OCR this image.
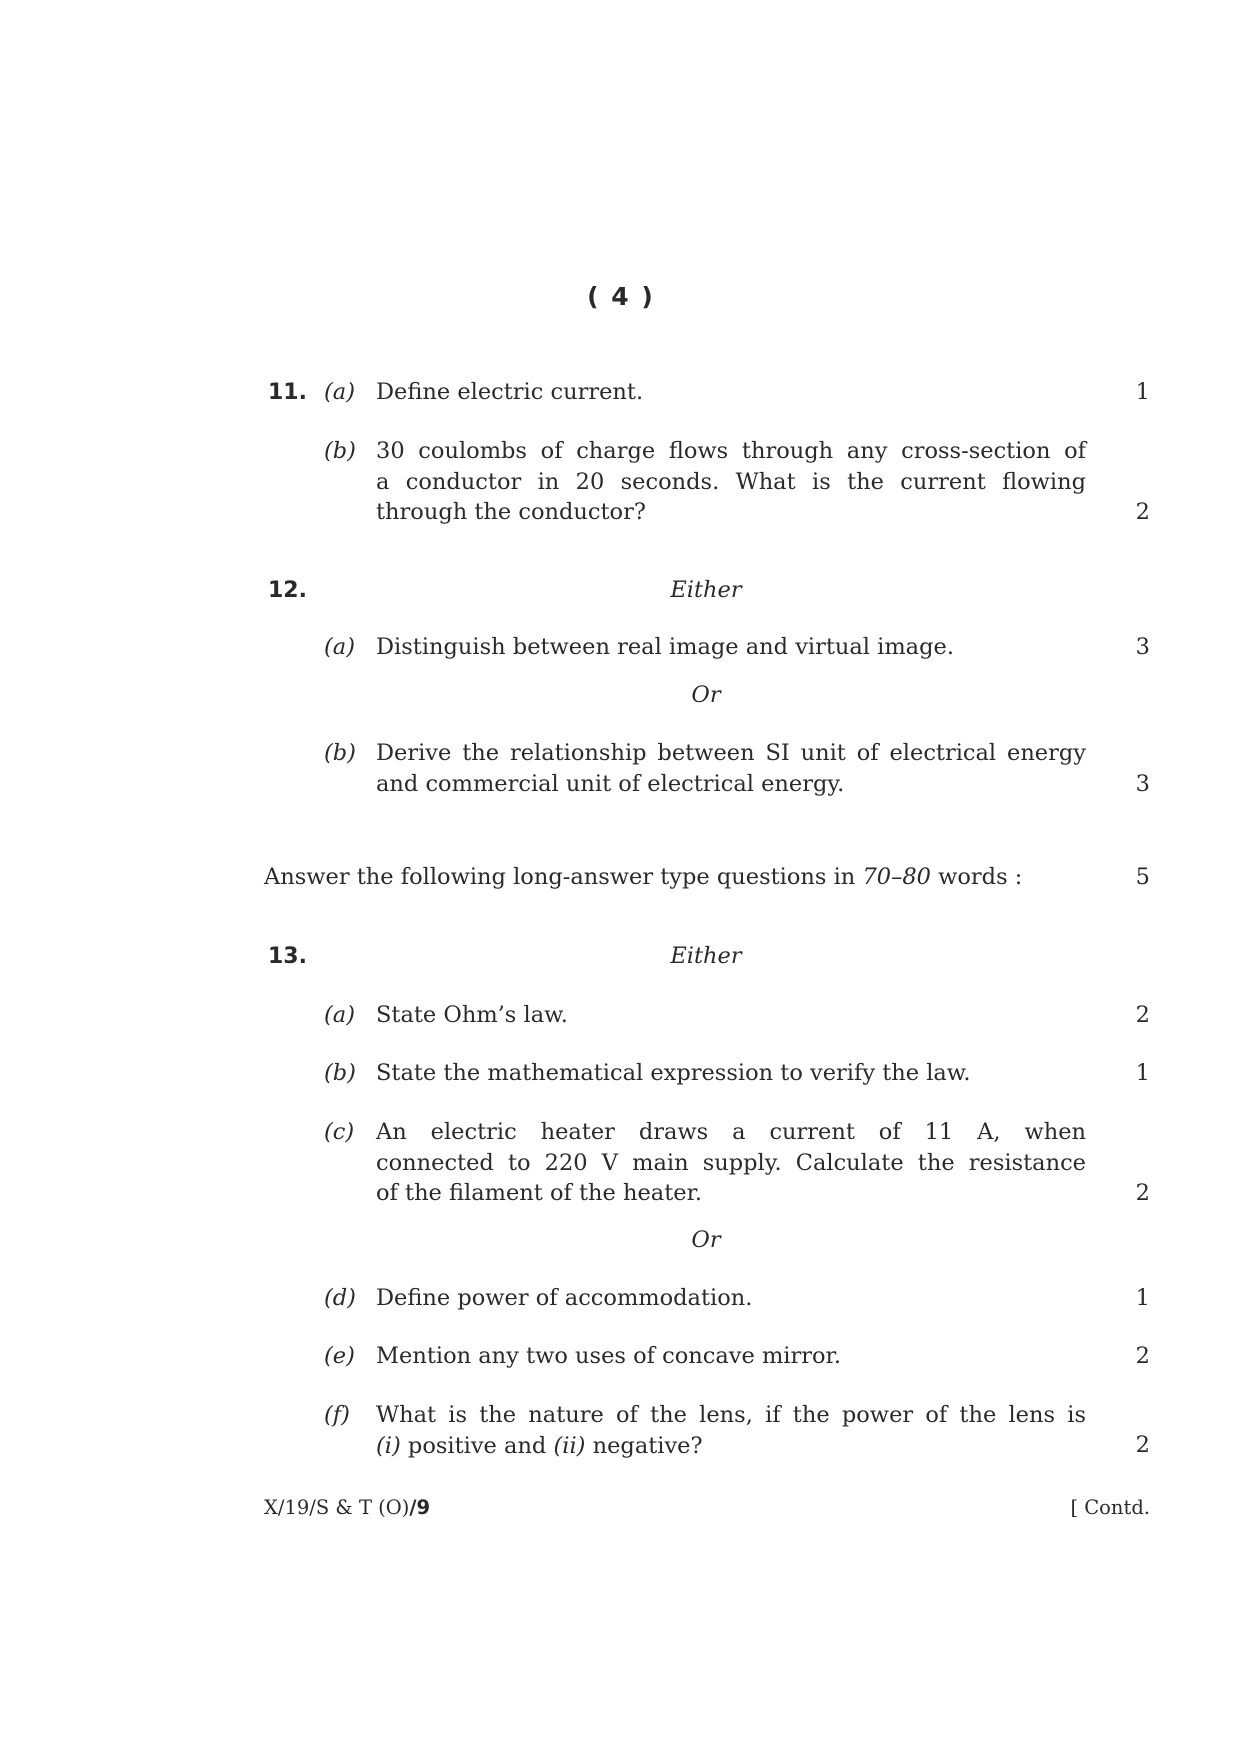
( 4 )
11. (a) Define electric current.	1
(b) 30 coulombs of charge flows through any cross-section of
a conductor in 20 seconds. What is the current flowing
through the conductor?	2
12.	Either
(a) Distinguish between real image and virtual image.	3
Or
(b) Derive the relationship between SI unit of electrical energy
and commercial unit of electrical energy.	3
Answer the following long-answer type questions in 70–80 words :	5
13.	Either
(a) State Ohm’s law.	2
(b) State the mathematical expression to verify the law.	1
(c) An electric heater draws a current of 11 A, when
connected to 220 V main supply. Calculate the resistance
of the filament of the heater.	2
Or
(d) Define power of accommodation.	1
(e) Mention any two uses of concave mirror.	2
(f) What is the nature of the lens, if the power of the lens is
(i) positive and (ii) negative?	2
X/19/S & T (O)/9	[ Contd.
